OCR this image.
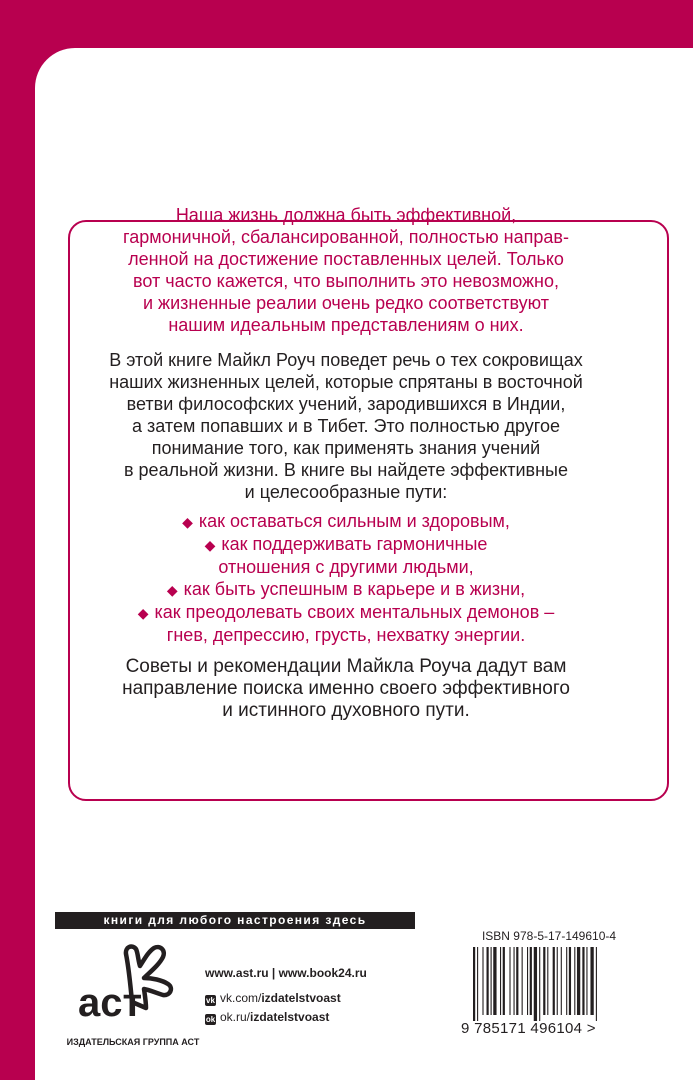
Наша жизнь должна быть эффективной,
гармоничной, сбалансированной, полностью направ-
ленной на достижение поставленных целей. Только
вот часто кажется, что выполнить это невозможно,
и жизненные реалии очень редко соответствуют
нашим идеальным представлениям о них.
В этой книге Майкл Роуч поведет речь о тех сокровищах
наших жизненных целей, которые спрятаны в восточной
ветви философских учений, зародившихся в Индии,
а затем попавших и в Тибет. Это полностью другое
понимание того, как применять знания учений
в реальной жизни. В книге вы найдете эффективные
и целесообразные пути:
◆ как оставаться сильным и здоровым,
◆ как поддерживать гармоничные
отношения с другими людьми,
◆ как быть успешным в карьере и в жизни,
◆ как преодолевать своих ментальных демонов –
гнев, депрессию, грусть, нехватку энергии.
Советы и рекомендации Майкла Роуча дадут вам
направление поиска именно своего эффективного
и истинного духовного пути.
книги для любого настроения здесь
аст
ИЗДАТЕЛЬСКАЯ ГРУППА АСТ
www.ast.ru | www.book24.ru
vk vk.com/izdatelstvoast
ok ok.ru/izdatelstvoast
ISBN 978-5-17-149610-4
9 785171 496104 >
